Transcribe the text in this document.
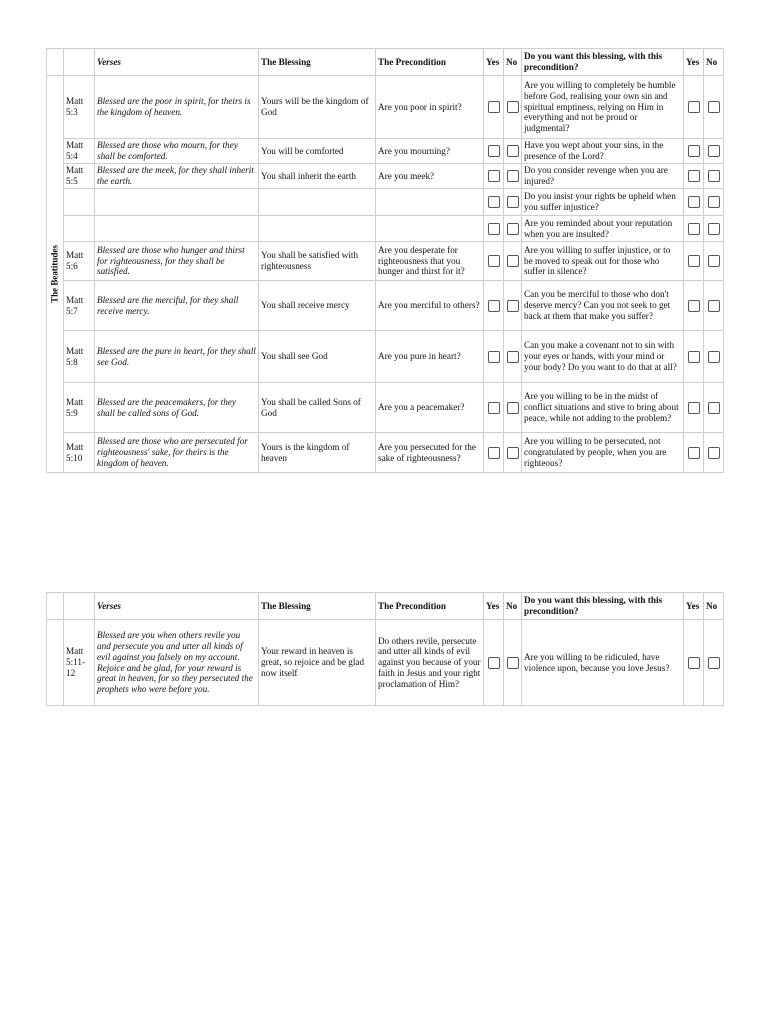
		Verses	The Blessing	The Precondition	Yes	No	Do you want this blessing, with this precondition?	Yes	No

The Beatitudes	Matt 5:3	Blessed are the poor in spirit, for theirs is the kingdom of heaven.	Yours will be the kingdom of God	Are you poor in spirit?			Are you willing to completely be humble before God, realising your own sin and spiritual emptiness, relying on Him in everything and not be proud or judgmental?		
	Matt 5:4	Blessed are those who mourn, for they shall be comforted.	You will be comforted	Are you mourning?			Have you wept about your sins, in the presence of the Lord?		
	Matt 5:5	Blessed are the meek, for they shall inherit the earth.	You shall inherit the earth	Are you meek?			Do you consider revenge when you are injured?		
							Do you insist your rights be upheld when you suffer injustice?		
							Are you reminded about your reputation when you are insulted?		
	Matt 5:6	Blessed are those who hunger and thirst for righteousness, for they shall be satisfied.	You shall be satisfied with righteousness	Are you desperate for righteousness that you hunger and thirst for it?			Are you willing to suffer injustice, or to be moved to speak out for those who suffer in silence?		
	Matt 5:7	Blessed are the merciful, for they shall receive mercy.	You shall receive mercy	Are you merciful to others?			Can you be merciful to those who don't deserve mercy? Can you not seek to get back at them that make you suffer?		
	Matt 5:8	Blessed are the pure in heart, for they shall see God.	You shall see God	Are you pure in heart?			Can you make a covenant not to sin with your eyes or hands, with your mind or your body? Do you want to do that at all?		
	Matt 5:9	Blessed are the peacemakers, for they shall be called sons of God.	You shall be called Sons of God	Are you a peacemaker?			Are you willing to be in the midst of conflict situations and stive to bring about peace, while not adding to the problem?		
	Matt 5:10	Blessed are those who are persecuted for righteousness' sake, for theirs is the kingdom of heaven.	Yours is the kingdom of heaven	Are you persecuted for the sake of righteousness?			Are you willing to be persecuted, not congratulated by people, when you are righteous?		
		Verses	The Blessing	The Precondition	Yes	No	Do you want this blessing, with this precondition?	Yes	No
	Matt 5:11-12	Blessed are you when others revile you and persecute you and utter all kinds of evil against you falsely on my account. Rejoice and be glad, for your reward is great in heaven, for so they persecuted the prophets who were before you.	Your reward in heaven is great, so rejoice and be glad now itself	Do others revile, persecute and utter all kinds of evil against you because of your faith in Jesus and your right proclamation of Him?			Are you willing to be ridiculed, have violence upon, because you love Jesus?		
